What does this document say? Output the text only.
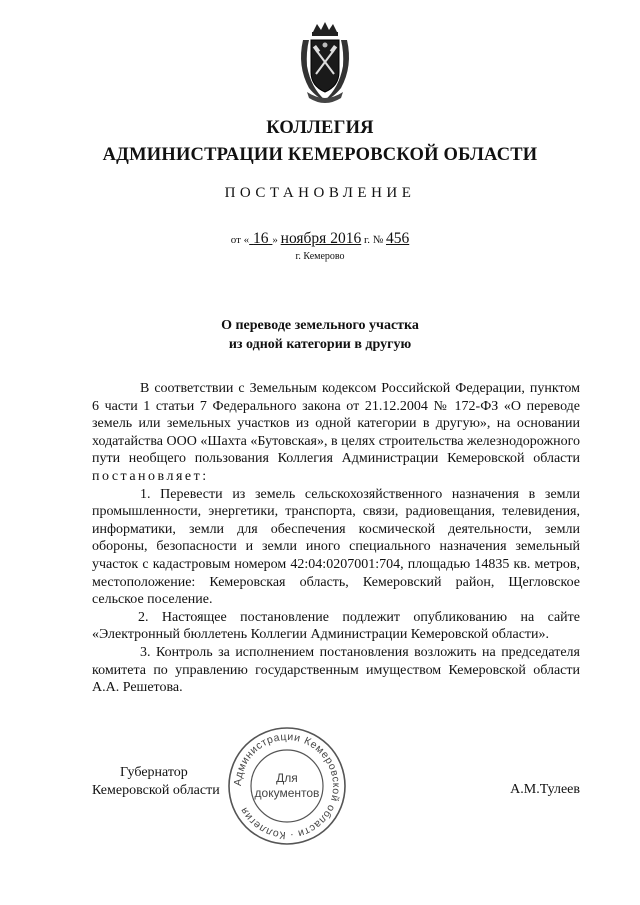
КОЛЛЕГИЯ
АДМИНИСТРАЦИИ КЕМЕРОВСКОЙ ОБЛАСТИ
ПОСТАНОВЛЕНИЕ
от « 16 » ноября 2016 г. № 456
г. Кемерово
О переводе земельного участка
из одной категории в другую

В соответствии с Земельным кодексом Российской Федерации, пунктом 6 части 1 статьи 7 Федерального закона от 21.12.2004 № 172-ФЗ «О переводе земель или земельных участков из одной категории в другую», на основании ходатайства ООО «Шахта «Бутовская», в целях строительства железнодорожного пути необщего пользования Коллегия Администрации Кемеровской области постановляет:

1. Перевести из земель сельскохозяйственного назначения в земли промышленности, энергетики, транспорта, связи, радиовещания, телевидения, информатики, земли для обеспечения космической деятельности, земли обороны, безопасности и земли иного специального назначения земельный участок с кадастровым номером 42:04:0207001:704, площадью 14835 кв. метров, местоположение: Кемеровская область, Кемеровский район, Щегловское сельское поселение.

2. Настоящее постановление подлежит опубликованию на сайте «Электронный бюллетень Коллегии Администрации Кемеровской области».

3. Контроль за исполнением постановления возложить на председателя комитета по управлению государственным имуществом Кемеровской области А.А. Решетова.

Губернатор
Кемеровской области	А.М.Тулеев
Администрации Кемеровской области · Коллегия
Для
документов
